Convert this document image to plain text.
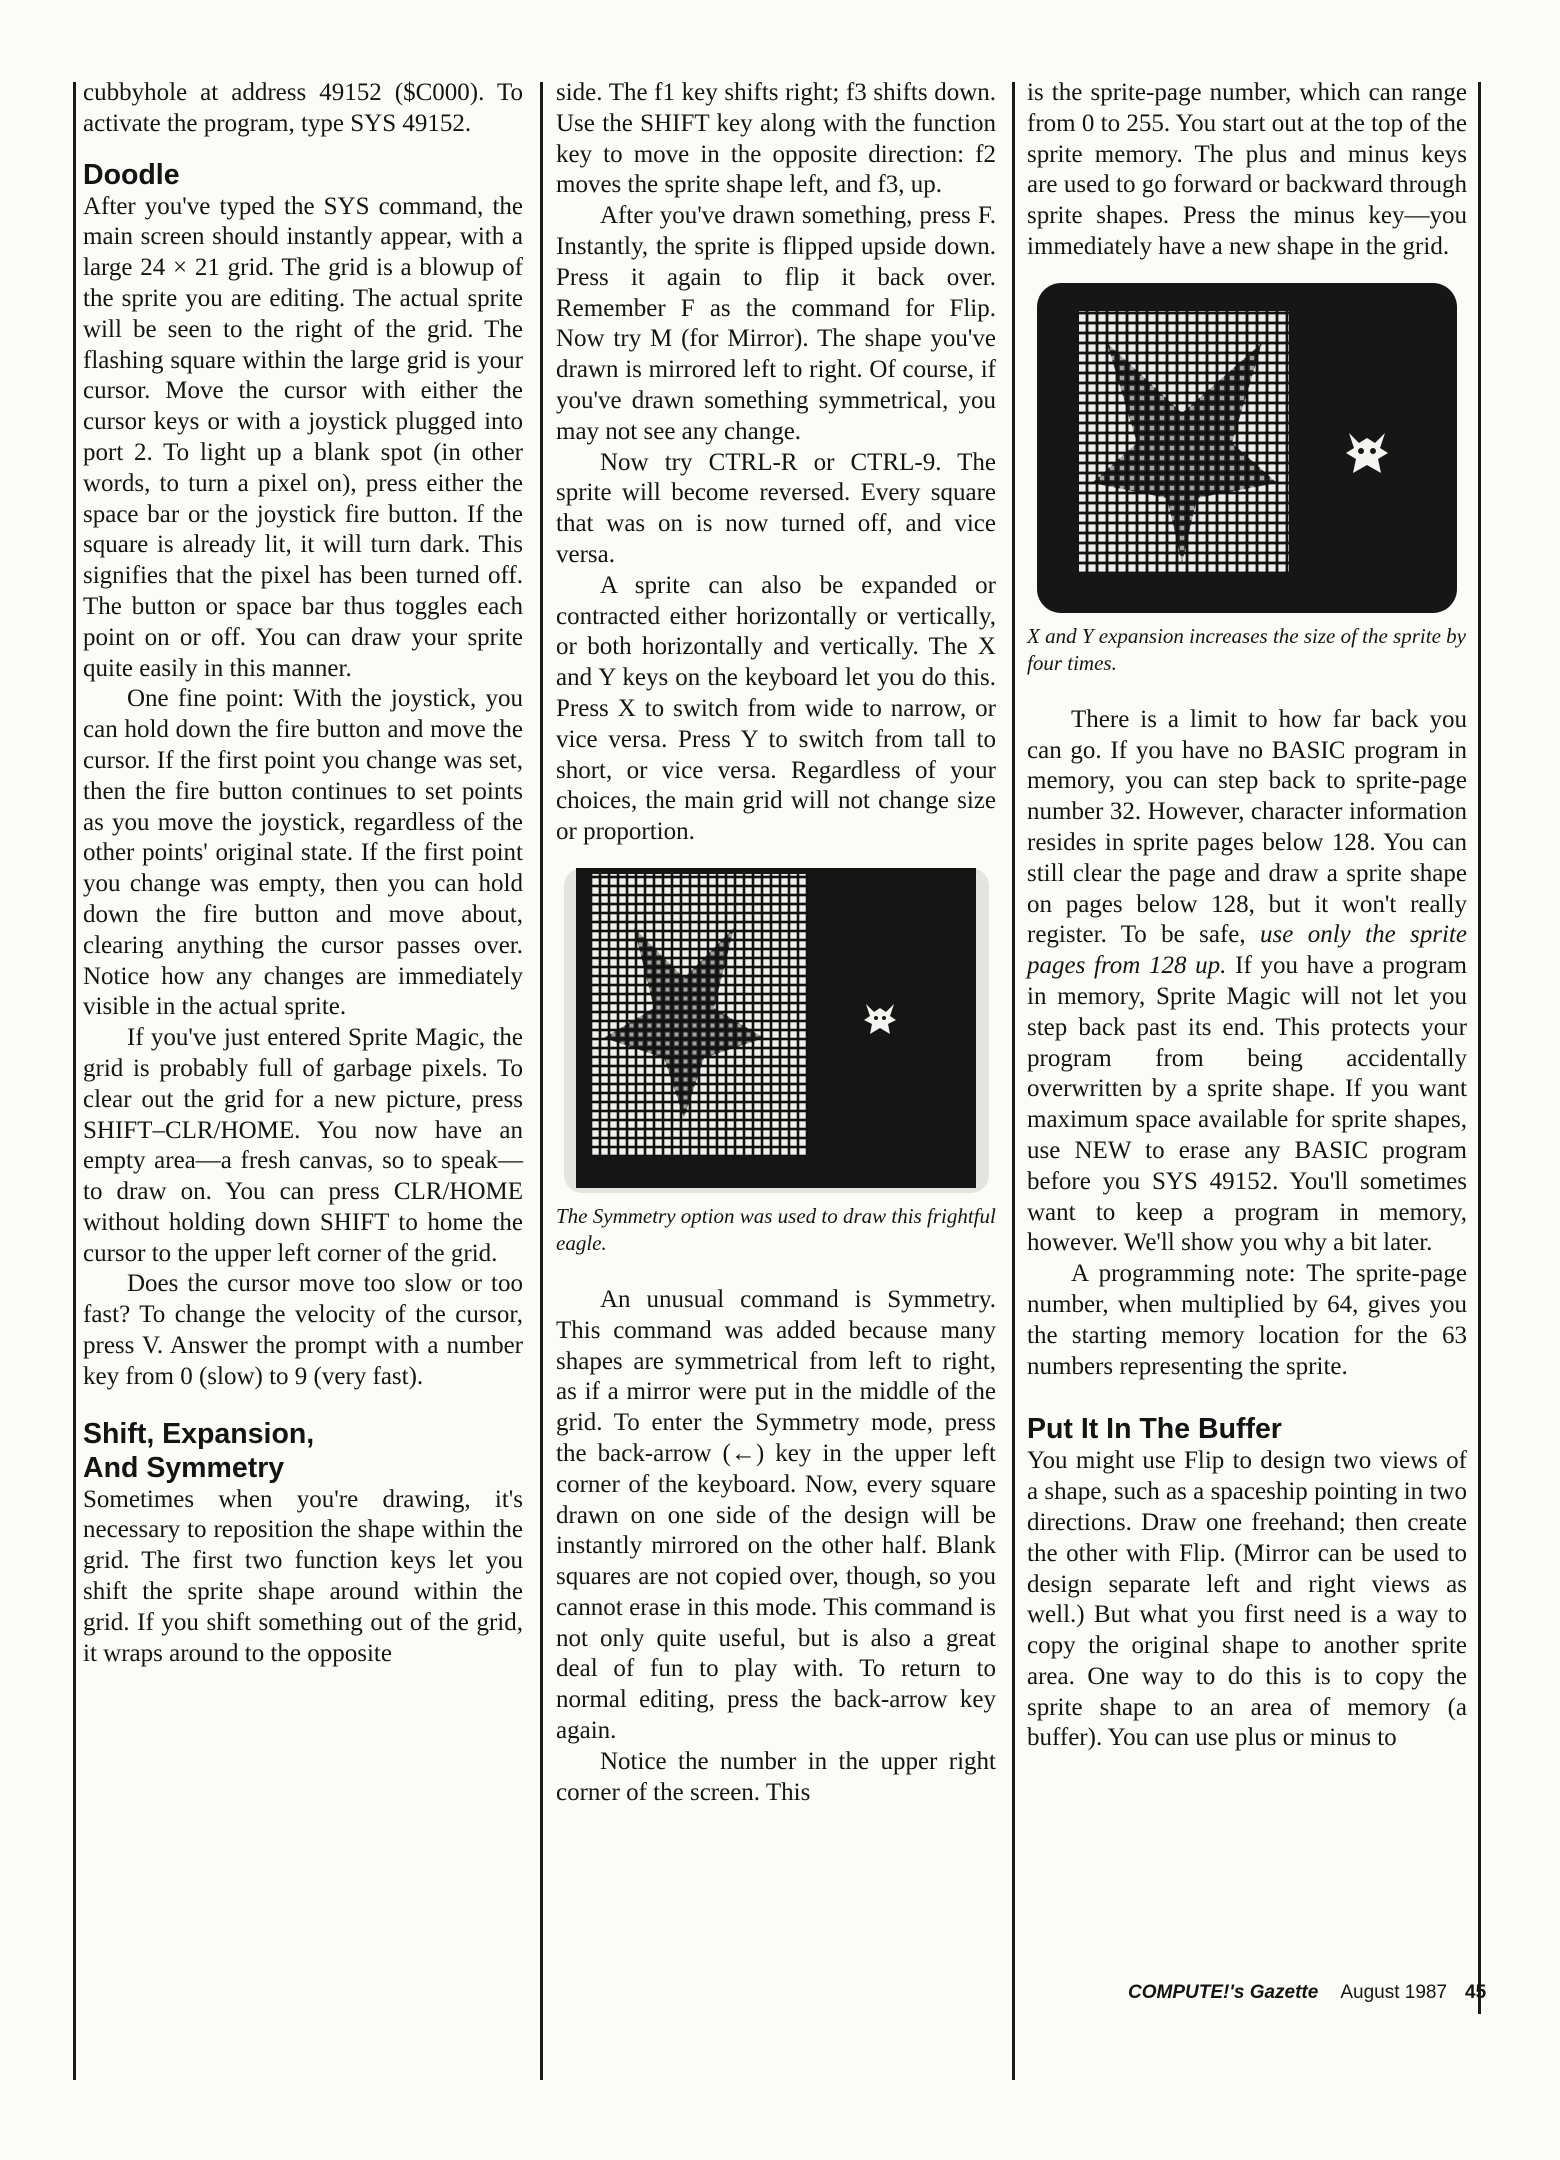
cubbyhole at address 49152 ($C000). To activate the program, type SYS 49152.

Doodle

After you've typed the SYS command, the main screen should instantly appear, with a large 24 × 21 grid. The grid is a blowup of the sprite you are editing. The actual sprite will be seen to the right of the grid. The flashing square within the large grid is your cursor. Move the cursor with either the cursor keys or with a joystick plugged into port 2. To light up a blank spot (in other words, to turn a pixel on), press either the space bar or the joystick fire button. If the square is already lit, it will turn dark. This signifies that the pixel has been turned off. The button or space bar thus toggles each point on or off. You can draw your sprite quite easily in this manner.

One fine point: With the joystick, you can hold down the fire button and move the cursor. If the first point you change was set, then the fire button continues to set points as you move the joystick, regardless of the other points' original state. If the first point you change was empty, then you can hold down the fire button and move about, clearing anything the cursor passes over. Notice how any changes are immediately visible in the actual sprite.

If you've just entered Sprite Magic, the grid is probably full of garbage pixels. To clear out the grid for a new picture, press SHIFT–CLR/HOME. You now have an empty area—a fresh canvas, so to speak—to draw on. You can press CLR/HOME without holding down SHIFT to home the cursor to the upper left corner of the grid.

Does the cursor move too slow or too fast? To change the velocity of the cursor, press V. Answer the prompt with a number key from 0 (slow) to 9 (very fast).

Shift, Expansion,
And Symmetry

Sometimes when you're drawing, it's necessary to reposition the shape within the grid. The first two function keys let you shift the sprite shape around within the grid. If you shift something out of the grid, it wraps around to the opposite

side. The f1 key shifts right; f3 shifts down. Use the SHIFT key along with the function key to move in the opposite direction: f2 moves the sprite shape left, and f3, up.

After you've drawn something, press F. Instantly, the sprite is flipped upside down. Press it again to flip it back over. Remember F as the command for Flip. Now try M (for Mirror). The shape you've drawn is mirrored left to right. Of course, if you've drawn something symmetrical, you may not see any change.

Now try CTRL-R or CTRL-9. The sprite will become reversed. Every square that was on is now turned off, and vice versa.

A sprite can also be expanded or contracted either horizontally or vertically, or both horizontally and vertically. The X and Y keys on the keyboard let you do this. Press X to switch from wide to narrow, or vice versa. Press Y to switch from tall to short, or vice versa. Regardless of your choices, the main grid will not change size or proportion.

The Symmetry option was used to draw this frightful eagle.

An unusual command is Symmetry. This command was added because many shapes are symmetrical from left to right, as if a mirror were put in the middle of the grid. To enter the Symmetry mode, press the back-arrow (←) key in the upper left corner of the keyboard. Now, every square drawn on one side of the design will be instantly mirrored on the other half. Blank squares are not copied over, though, so you cannot erase in this mode. This command is not only quite useful, but is also a great deal of fun to play with. To return to normal editing, press the back-arrow key again.

Notice the number in the upper right corner of the screen. This

is the sprite-page number, which can range from 0 to 255. You start out at the top of the sprite memory. The plus and minus keys are used to go forward or backward through sprite shapes. Press the minus key—you immediately have a new shape in the grid.

X and Y expansion increases the size of the sprite by four times.

There is a limit to how far back you can go. If you have no BASIC program in memory, you can step back to sprite-page number 32. However, character information resides in sprite pages below 128. You can still clear the page and draw a sprite shape on pages below 128, but it won't really register. To be safe, use only the sprite pages from 128 up. If you have a program in memory, Sprite Magic will not let you step back past its end. This protects your program from being accidentally overwritten by a sprite shape. If you want maximum space available for sprite shapes, use NEW to erase any BASIC program before you SYS 49152. You'll sometimes want to keep a program in memory, however. We'll show you why a bit later.

A programming note: The sprite-page number, when multiplied by 64, gives you the starting memory location for the 63 numbers representing the sprite.

Put It In The Buffer

You might use Flip to design two views of a shape, such as a spaceship pointing in two directions. Draw one freehand; then create the other with Flip. (Mirror can be used to design separate left and right views as well.) But what you first need is a way to copy the original shape to another sprite area. One way to do this is to copy the sprite shape to an area of memory (a buffer). You can use plus or minus to

COMPUTE!'s Gazette August 1987 45
